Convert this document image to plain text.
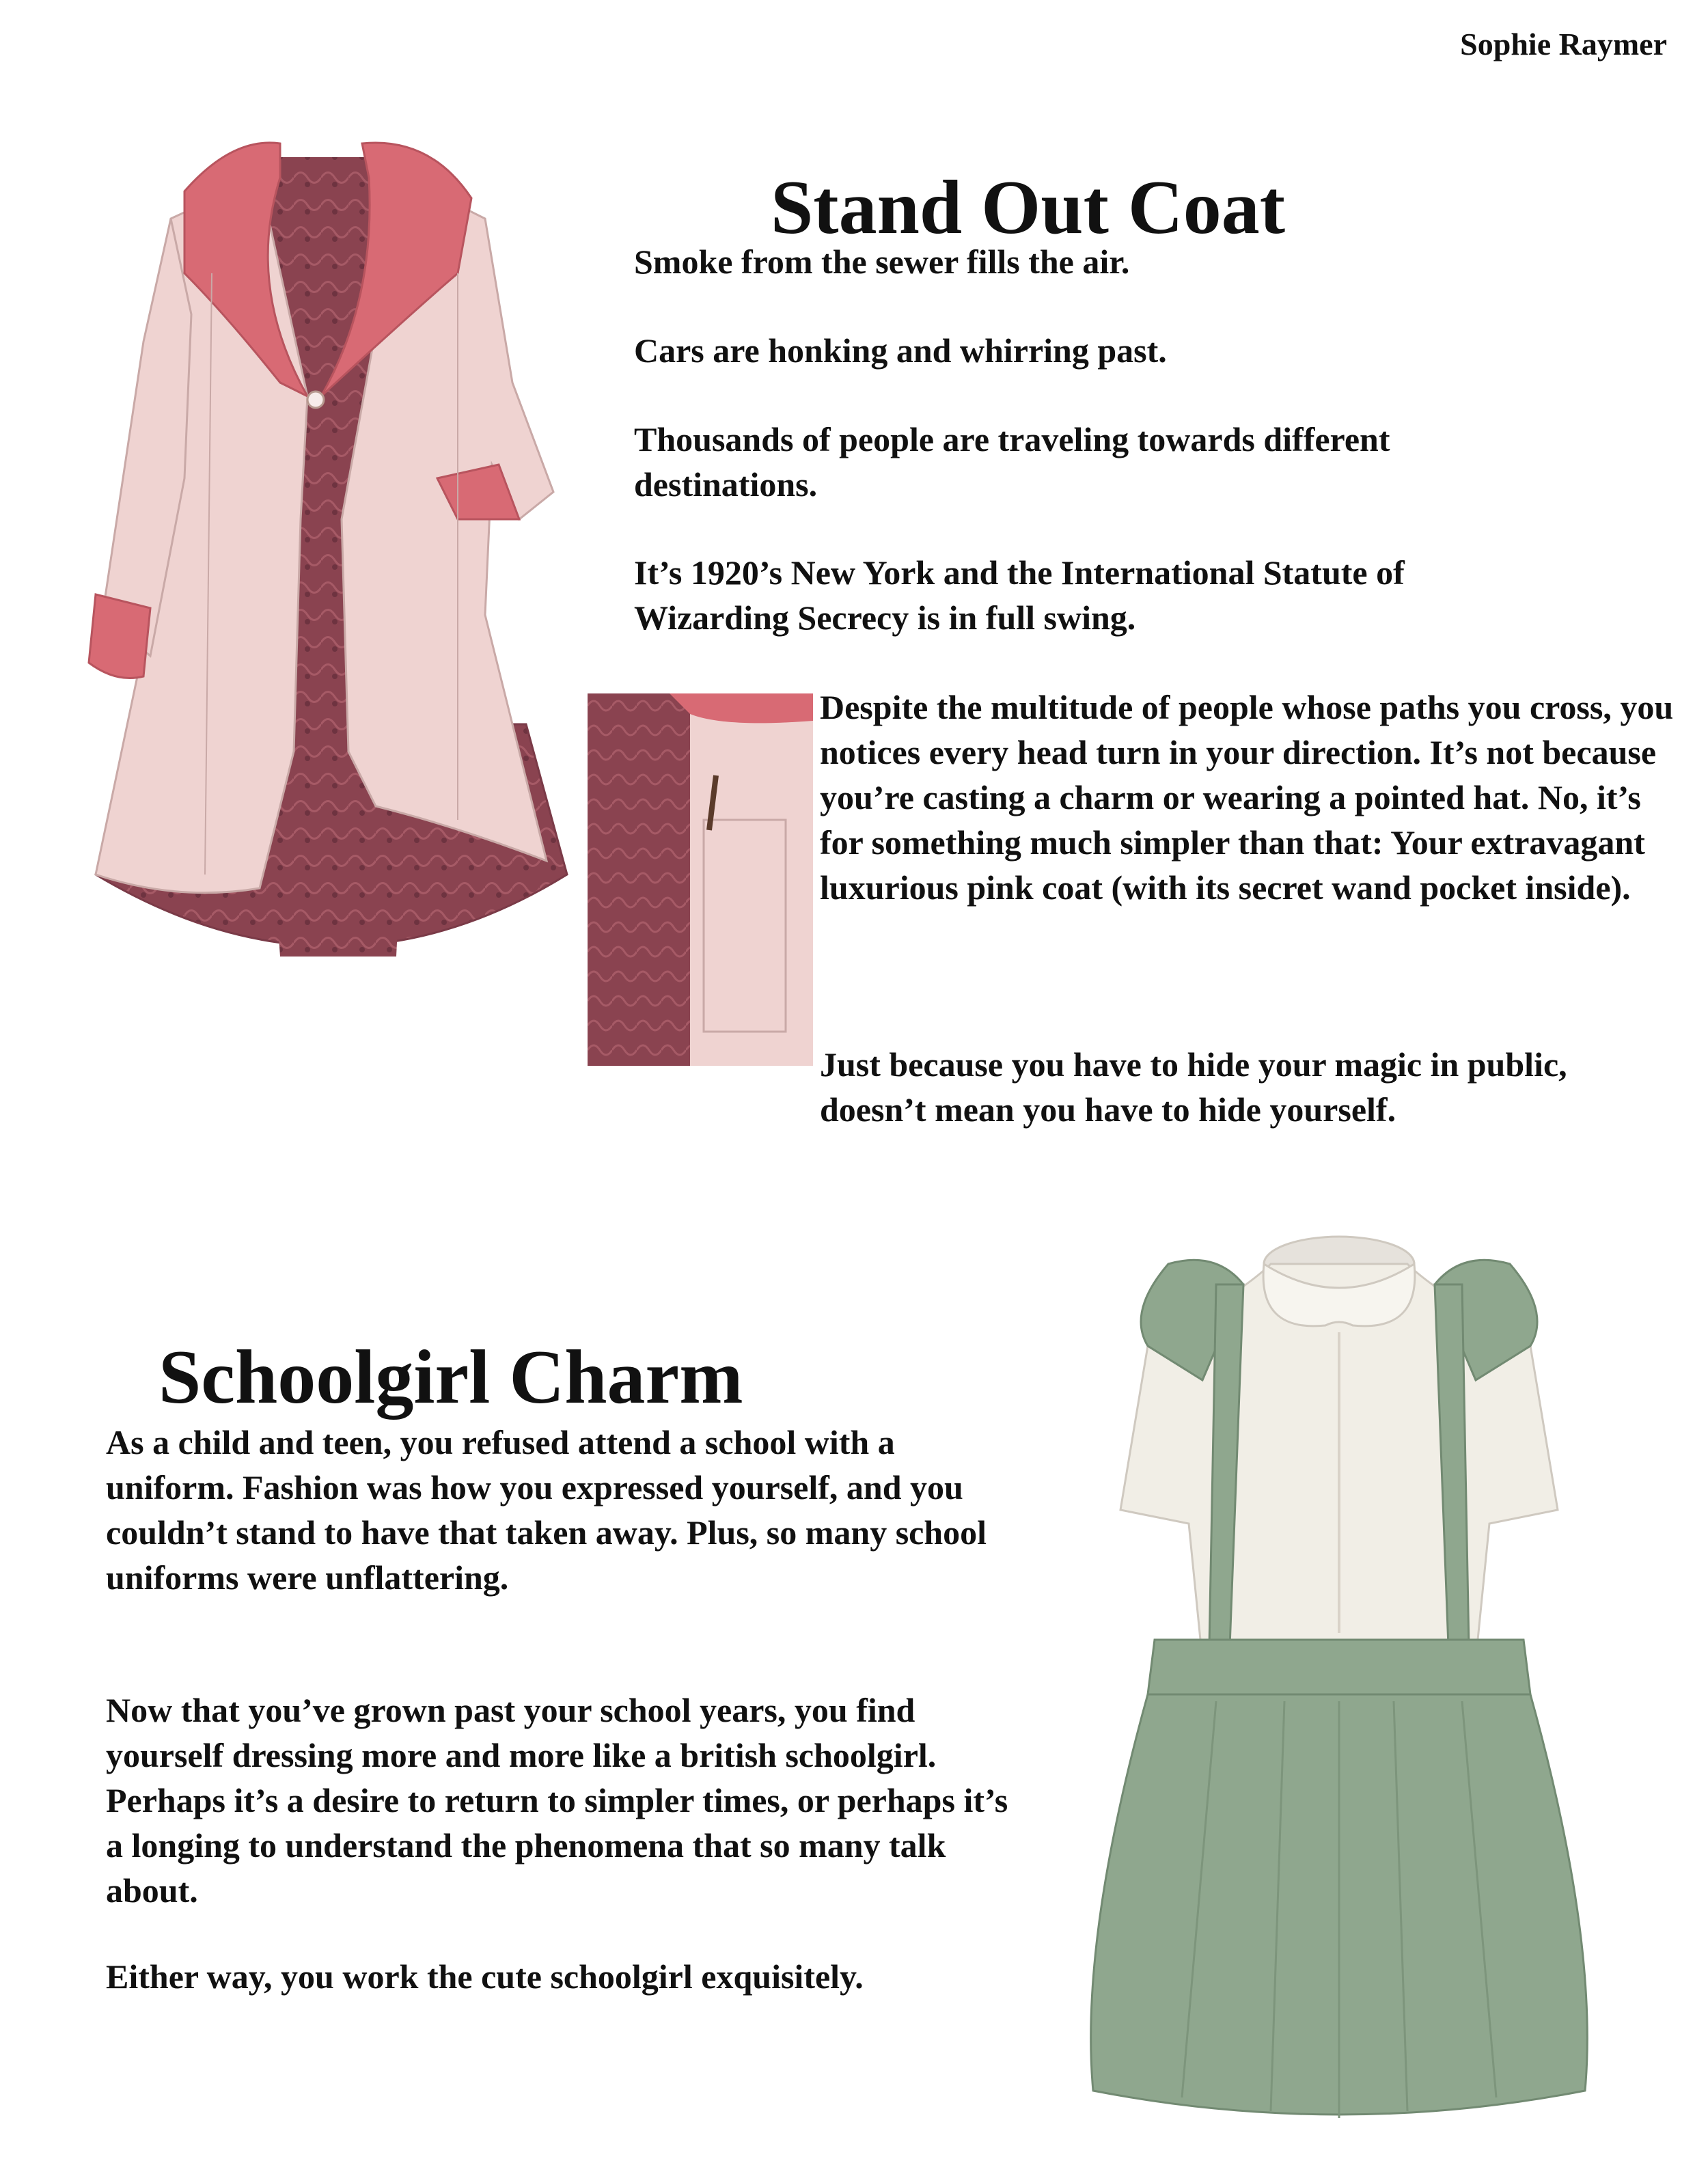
Sophie Raymer
Stand Out Coat

Smoke from the sewer fills the air.

Cars are honking and whirring past.

Thousands of people are traveling towards different destinations.

It’s 1920’s New York and the International Statute of Wizarding Secrecy is in full swing.

Despite the multitude of people whose paths you cross, you notices every head turn in your direction. It’s not because you’re casting a charm or wearing a pointed hat. No, it’s for something much simpler than that: Your extravagant luxurious pink coat (with its secret wand pocket inside).

Just because you have to hide your magic in public, doesn’t mean you have to hide yourself.

Schoolgirl Charm

As a child and teen, you refused attend a school with a uniform. Fashion was how you expressed yourself, and you couldn’t stand to have that taken away. Plus, so many school uniforms were unflattering.

Now that you’ve grown past your school years, you find yourself dressing more and more like a british schoolgirl. Perhaps it’s a desire to return to simpler times, or perhaps it’s a longing to understand the phenomena that so many talk about.

Either way, you work the cute schoolgirl exquisitely.
